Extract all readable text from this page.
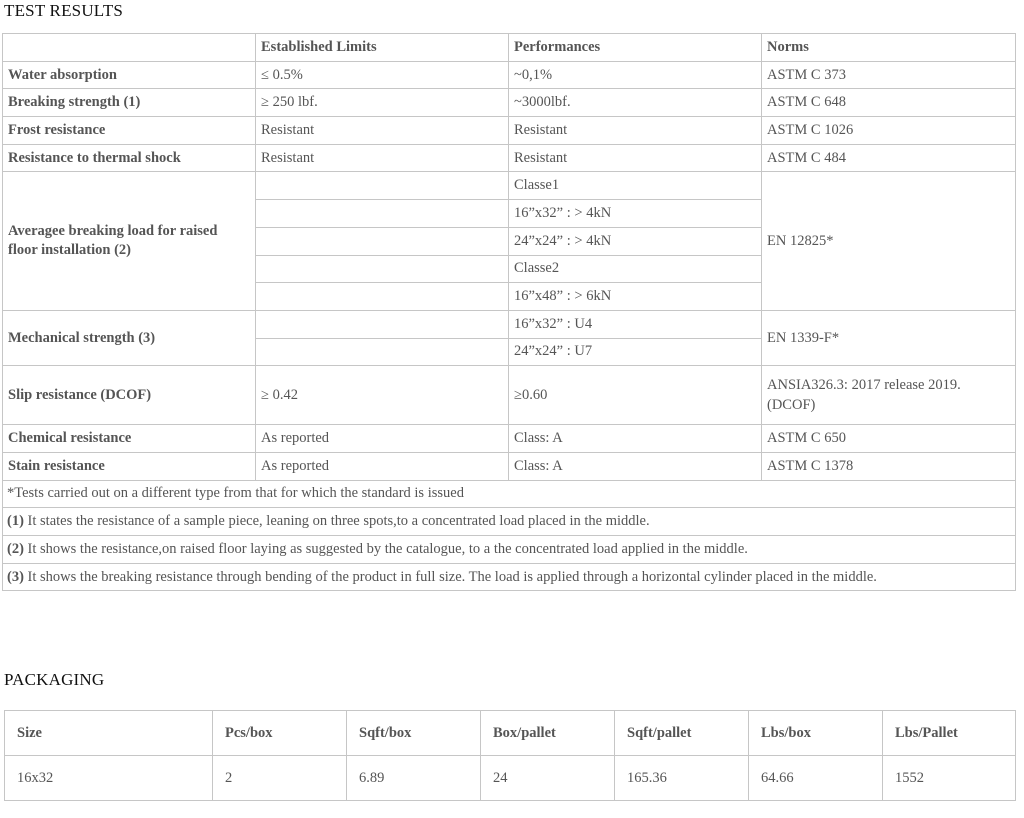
TEST RESULTS
	Established Limits	Performances	Norms
Water absorption	≤ 0.5%	~0,1%	ASTM C 373
Breaking strength (1)	≥ 250 lbf.	~3000lbf.	ASTM C 648
Frost resistance	Resistant	Resistant	ASTM C 1026
Resistance to thermal shock	Resistant	Resistant	ASTM C 484
Averagee breaking load for raised floor installation (2)		Classe1	EN 12825*
		16”x32” : > 4kN	
		24”x24” : > 4kN	
		Classe2	
		16”x48” : > 6kN	
Mechanical strength (3)		16”x32” : U4	EN 1339-F*
		24”x24” : U7	
Slip resistance (DCOF)	≥ 0.42	≥0.60	ANSIA326.3: 2017 release 2019. (DCOF)
Chemical resistance	As reported	Class: A	ASTM C 650
Stain resistance	As reported	Class: A	ASTM C 1378
*Tests carried out on a different type from that for which the standard is issued			
(1) It states the resistance of a sample piece, leaning on three spots,to a concentrated load placed in the middle.			
(2) It shows the resistance,on raised floor laying as suggested by the catalogue, to a the concentrated load applied in the middle.			
(3) It shows the breaking resistance through bending of the product in full size. The load is applied through a horizontal cylinder placed in the middle.			
PACKAGING
Size	Pcs/box	Sqft/box	Box/pallet	Sqft/pallet	Lbs/box	Lbs/Pallet
16x32	2	6.89	24	165.36	64.66	1552
